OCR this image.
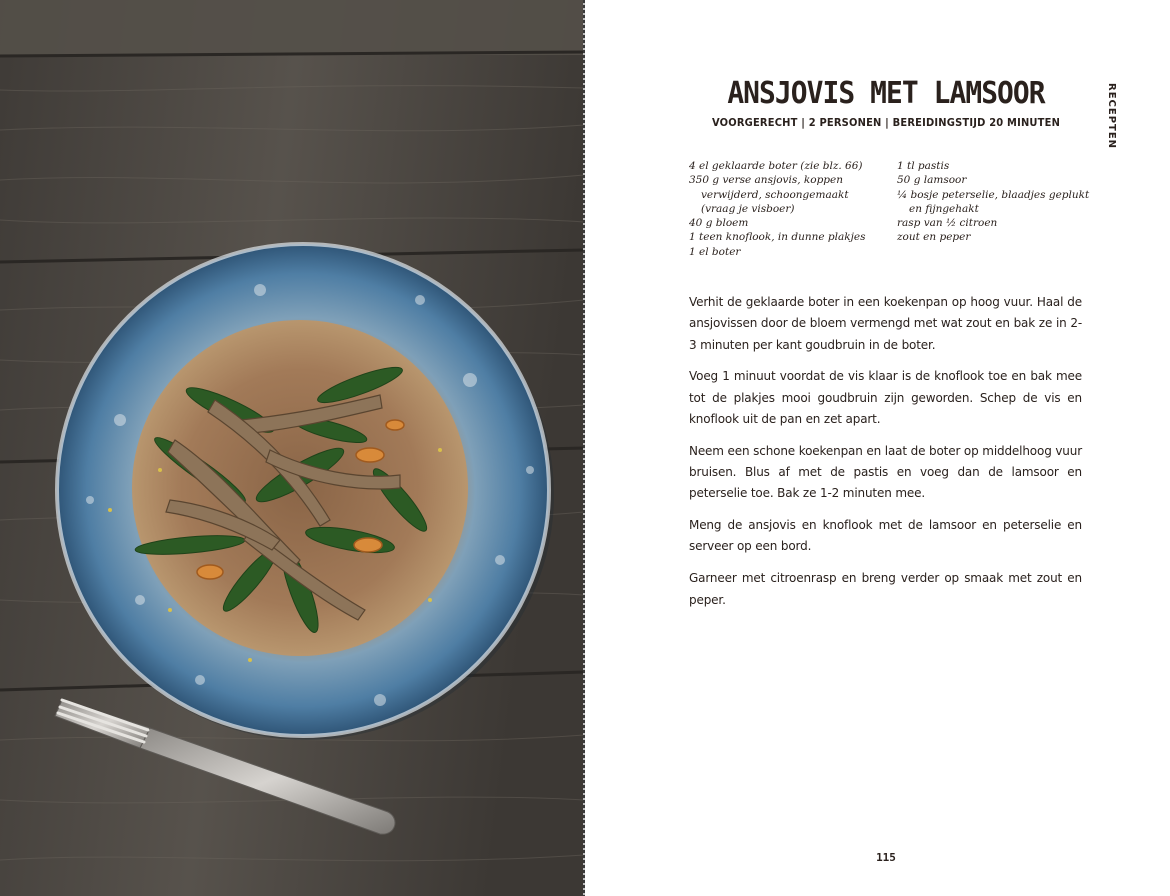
ANSJOVIS MET LAMSOOR
VOORGERECHT | 2 PERSONEN | BEREIDINGSTIJD 20 MINUTEN	RECEPTEN
4 el geklaarde boter (zie blz. 66)
350 g verse ansjovis, koppen
verwijderd, schoongemaakt
(vraag je visboer)
40 g bloem
1 teen knoflook, in dunne plakjes
1 el boter
1 tl pastis
50 g lamsoor
¼ bosje peterselie, blaadjes geplukt
en fijngehakt
rasp van ½ citroen
zout en peper

Verhit de geklaarde boter in een koekenpan op hoog vuur. Haal de ansjovissen door de bloem vermengd met wat zout en bak ze in 2-3 minuten per kant goudbruin in de boter.

Voeg 1 minuut voordat de vis klaar is de knoflook toe en bak mee tot de plakjes mooi goudbruin zijn geworden. Schep de vis en knoflook uit de pan en zet apart.

Neem een schone koekenpan en laat de boter op middelhoog vuur bruisen. Blus af met de pastis en voeg dan de lamsoor en peterselie toe. Bak ze 1-2 minuten mee.

Meng de ansjovis en knoflook met de lamsoor en peterselie en serveer op een bord.

Garneer met citroenrasp en breng verder op smaak met zout en peper.

115
